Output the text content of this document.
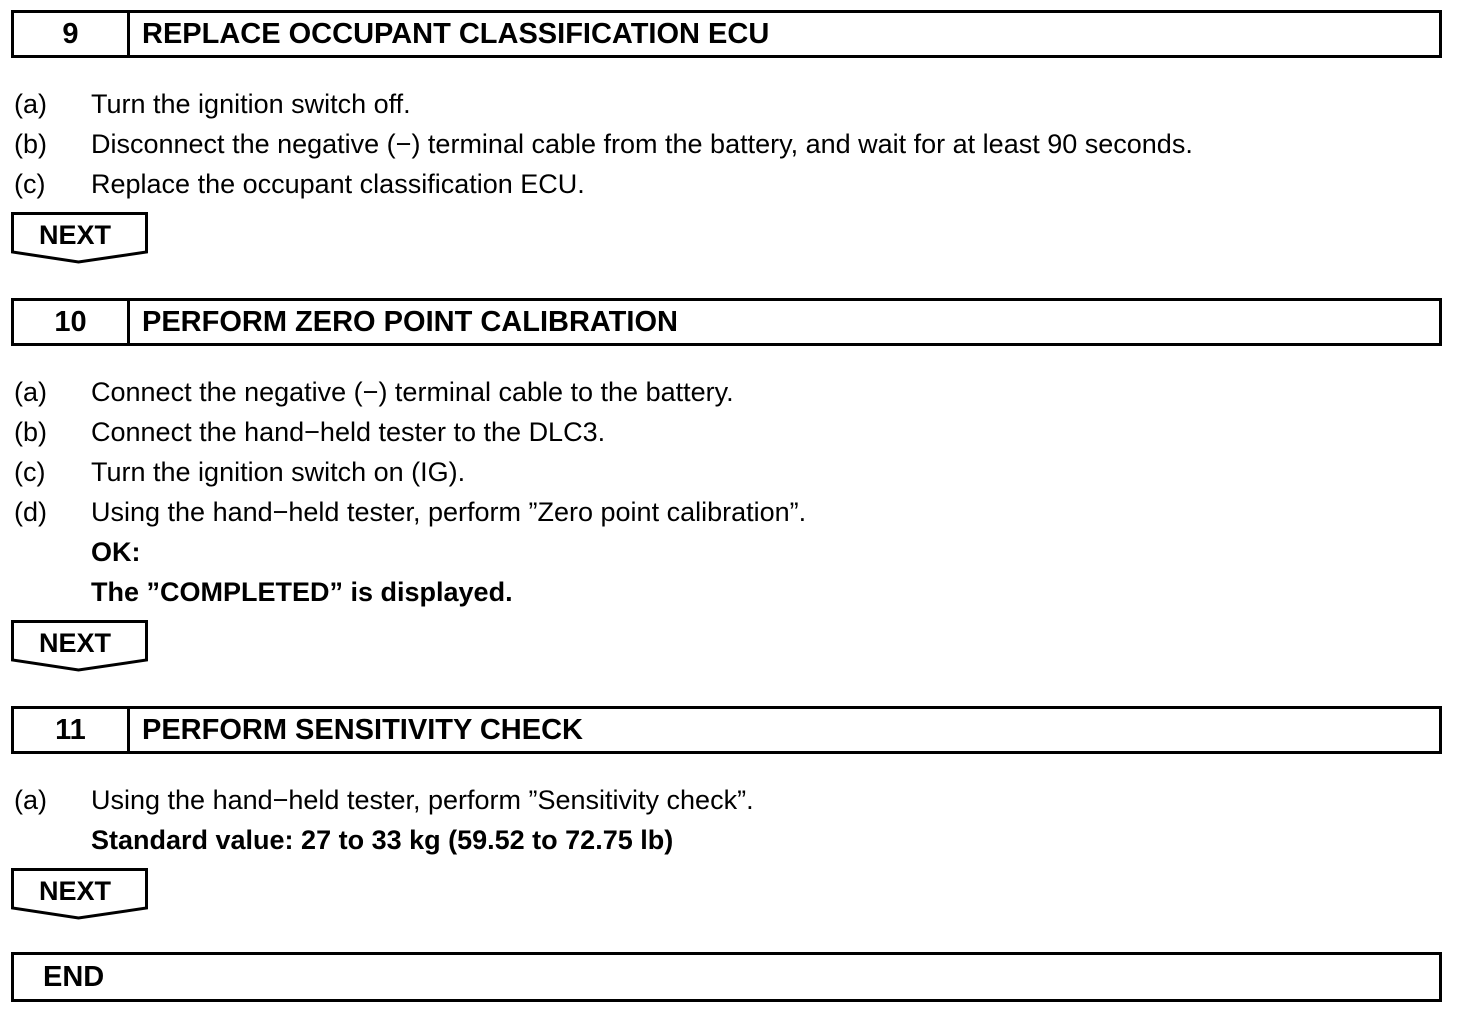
9	REPLACE OCCUPANT CLASSIFICATION ECU
(a) Turn the ignition switch off.
(b) Disconnect the negative (−) terminal cable from the battery, and wait for at least 90 seconds.
(c) Replace the occupant classification ECU.
NEXT
10	PERFORM ZERO POINT CALIBRATION
(a) Connect the negative (−) terminal cable to the battery.
(b) Connect the hand−held tester to the DLC3.
(c) Turn the ignition switch on (IG).
(d) Using the hand−held tester, perform ”Zero point calibration”.
OK:
The ”COMPLETED” is displayed.
NEXT
11	PERFORM SENSITIVITY CHECK
(a) Using the hand−held tester, perform ”Sensitivity check”.
Standard value: 27 to 33 kg (59.52 to 72.75 lb)
NEXT
END
